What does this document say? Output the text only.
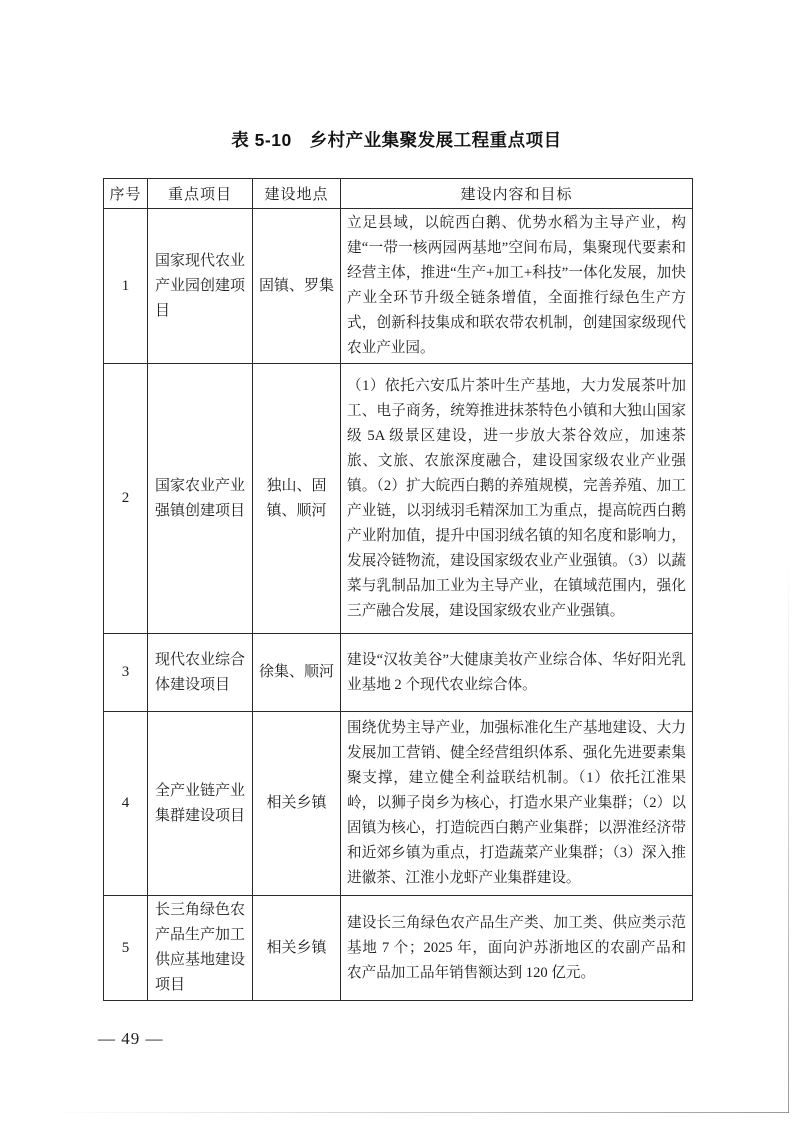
表 5-10　乡村产业集聚发展工程重点项目
序号	重点项目	建设地点	建设内容和目标
1	国家现代农业产业园创建项目	固镇、罗集	立足县域，以皖西白鹅、优势水稻为主导产业，构建“一带一核两园两基地”空间布局，集聚现代要素和经营主体，推进“生产+加工+科技”一体化发展，加快产业全环节升级全链条增值，全面推行绿色生产方式，创新科技集成和联农带农机制，创建国家级现代农业产业园。
2	国家农业产业强镇创建项目	独山、固镇、顺河	（1）依托六安瓜片茶叶生产基地，大力发展茶叶加工、电子商务，统筹推进抹茶特色小镇和大独山国家级 5A 级景区建设，进一步放大茶谷效应，加速茶旅、文旅、农旅深度融合，建设国家级农业产业强镇。（2）扩大皖西白鹅的养殖规模，完善养殖、加工产业链，以羽绒羽毛精深加工为重点，提高皖西白鹅产业附加值，提升中国羽绒名镇的知名度和影响力，发展冷链物流，建设国家级农业产业强镇。（3）以蔬菜与乳制品加工业为主导产业，在镇域范围内，强化三产融合发展，建设国家级农业产业强镇。
3	现代农业综合体建设项目	徐集、顺河	建设“汉妆美谷”大健康美妆产业综合体、华好阳光乳业基地 2 个现代农业综合体。
4	全产业链产业集群建设项目	相关乡镇	围绕优势主导产业，加强标准化生产基地建设、大力发展加工营销、健全经营组织体系、强化先进要素集聚支撑，建立健全利益联结机制。（1）依托江淮果岭，以狮子岗乡为核心，打造水果产业集群；（2）以固镇为核心，打造皖西白鹅产业集群；以淠淮经济带和近郊乡镇为重点，打造蔬菜产业集群；（3）深入推进徽茶、江淮小龙虾产业集群建设。
5	长三角绿色农产品生产加工供应基地建设项目	相关乡镇	建设长三角绿色农产品生产类、加工类、供应类示范基地 7 个；2025 年，面向沪苏浙地区的农副产品和农产品加工品年销售额达到 120 亿元。
— 49 —
